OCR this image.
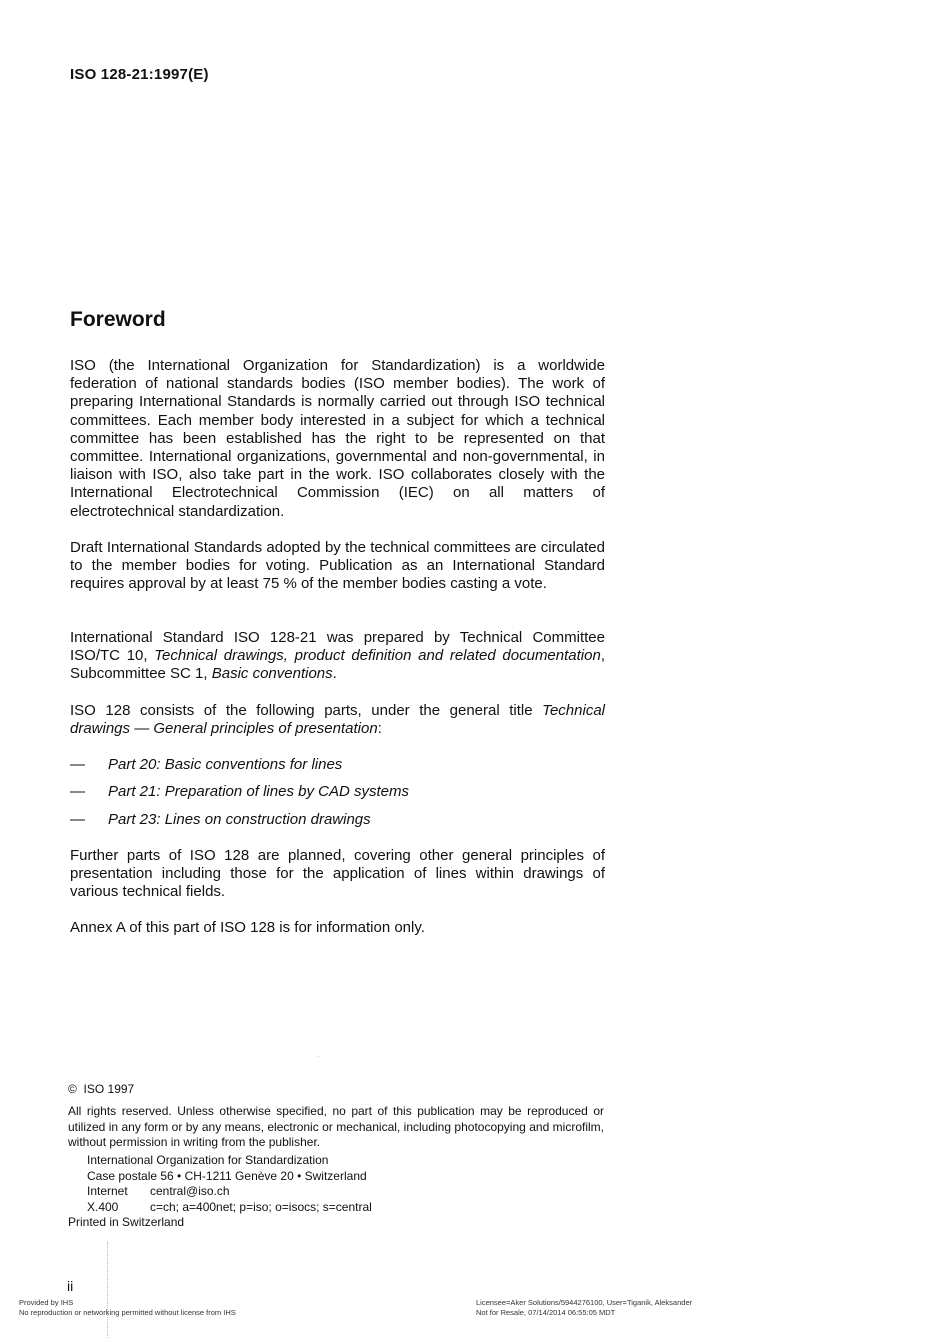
ISO 128-21:1997(E)
Foreword
ISO (the International Organization for Standardization) is a worldwide federation of national standards bodies (ISO member bodies). The work of preparing International Standards is normally carried out through ISO technical committees. Each member body interested in a subject for which a technical committee has been established has the right to be represented on that committee. International organizations, governmental and non-governmental, in liaison with ISO, also take part in the work. ISO collaborates closely with the International Electrotechnical Commission (IEC) on all matters of electrotechnical standardization.
Draft International Standards adopted by the technical committees are circulated to the member bodies for voting. Publication as an International Standard requires approval by at least 75 % of the member bodies casting a vote.
International Standard ISO 128-21 was prepared by Technical Committee ISO/TC 10, Technical drawings, product definition and related documentation, Subcommittee SC 1, Basic conventions.
ISO 128 consists of the following parts, under the general title Technical drawings — General principles of presentation:
— Part 20: Basic conventions for lines
— Part 21: Preparation of lines by CAD systems
— Part 23: Lines on construction drawings
Further parts of ISO 128 are planned, covering other general principles of presentation including those for the application of lines within drawings of various technical fields.
Annex A of this part of ISO 128 is for information only.
© ISO 1997
All rights reserved. Unless otherwise specified, no part of this publication may be reproduced or utilized in any form or by any means, electronic or mechanical, including photocopying and microfilm, without permission in writing from the publisher.
International Organization for Standardization
Case postale 56 • CH-1211 Genève 20 • Switzerland
Internet central@iso.ch
X.400	c=ch; a=400net; p=iso; o=isocs; s=central
Printed in Switzerland
ii
Provided by IHS
No reproduction or networking permitted without license from IHS
Licensee=Aker Solutions/5944276100, User=Tiganik, Aleksander
Not for Resale, 07/14/2014 06:55:05 MDT
